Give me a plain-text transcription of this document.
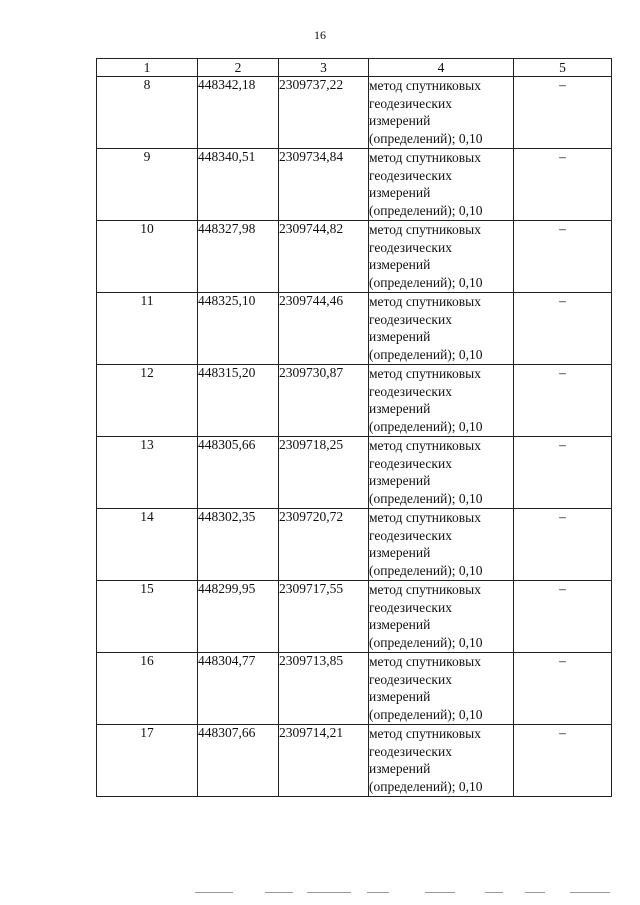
16
1	2	3	4	5
8	448342,18	2309737,22	метод спутниковых
геодезических
измерений
(определений); 0,10	–
9	448340,51	2309734,84	метод спутниковых
геодезических
измерений
(определений); 0,10	–
10	448327,98	2309744,82	метод спутниковых
геодезических
измерений
(определений); 0,10	–
11	448325,10	2309744,46	метод спутниковых
геодезических
измерений
(определений); 0,10	–
12	448315,20	2309730,87	метод спутниковых
геодезических
измерений
(определений); 0,10	–
13	448305,66	2309718,25	метод спутниковых
геодезических
измерений
(определений); 0,10	–
14	448302,35	2309720,72	метод спутниковых
геодезических
измерений
(определений); 0,10	–
15	448299,95	2309717,55	метод спутниковых
геодезических
измерений
(определений); 0,10	–
16	448304,77	2309713,85	метод спутниковых
геодезических
измерений
(определений); 0,10	–
17	448307,66	2309714,21	метод спутниковых
геодезических
измерений
(определений); 0,10	–
